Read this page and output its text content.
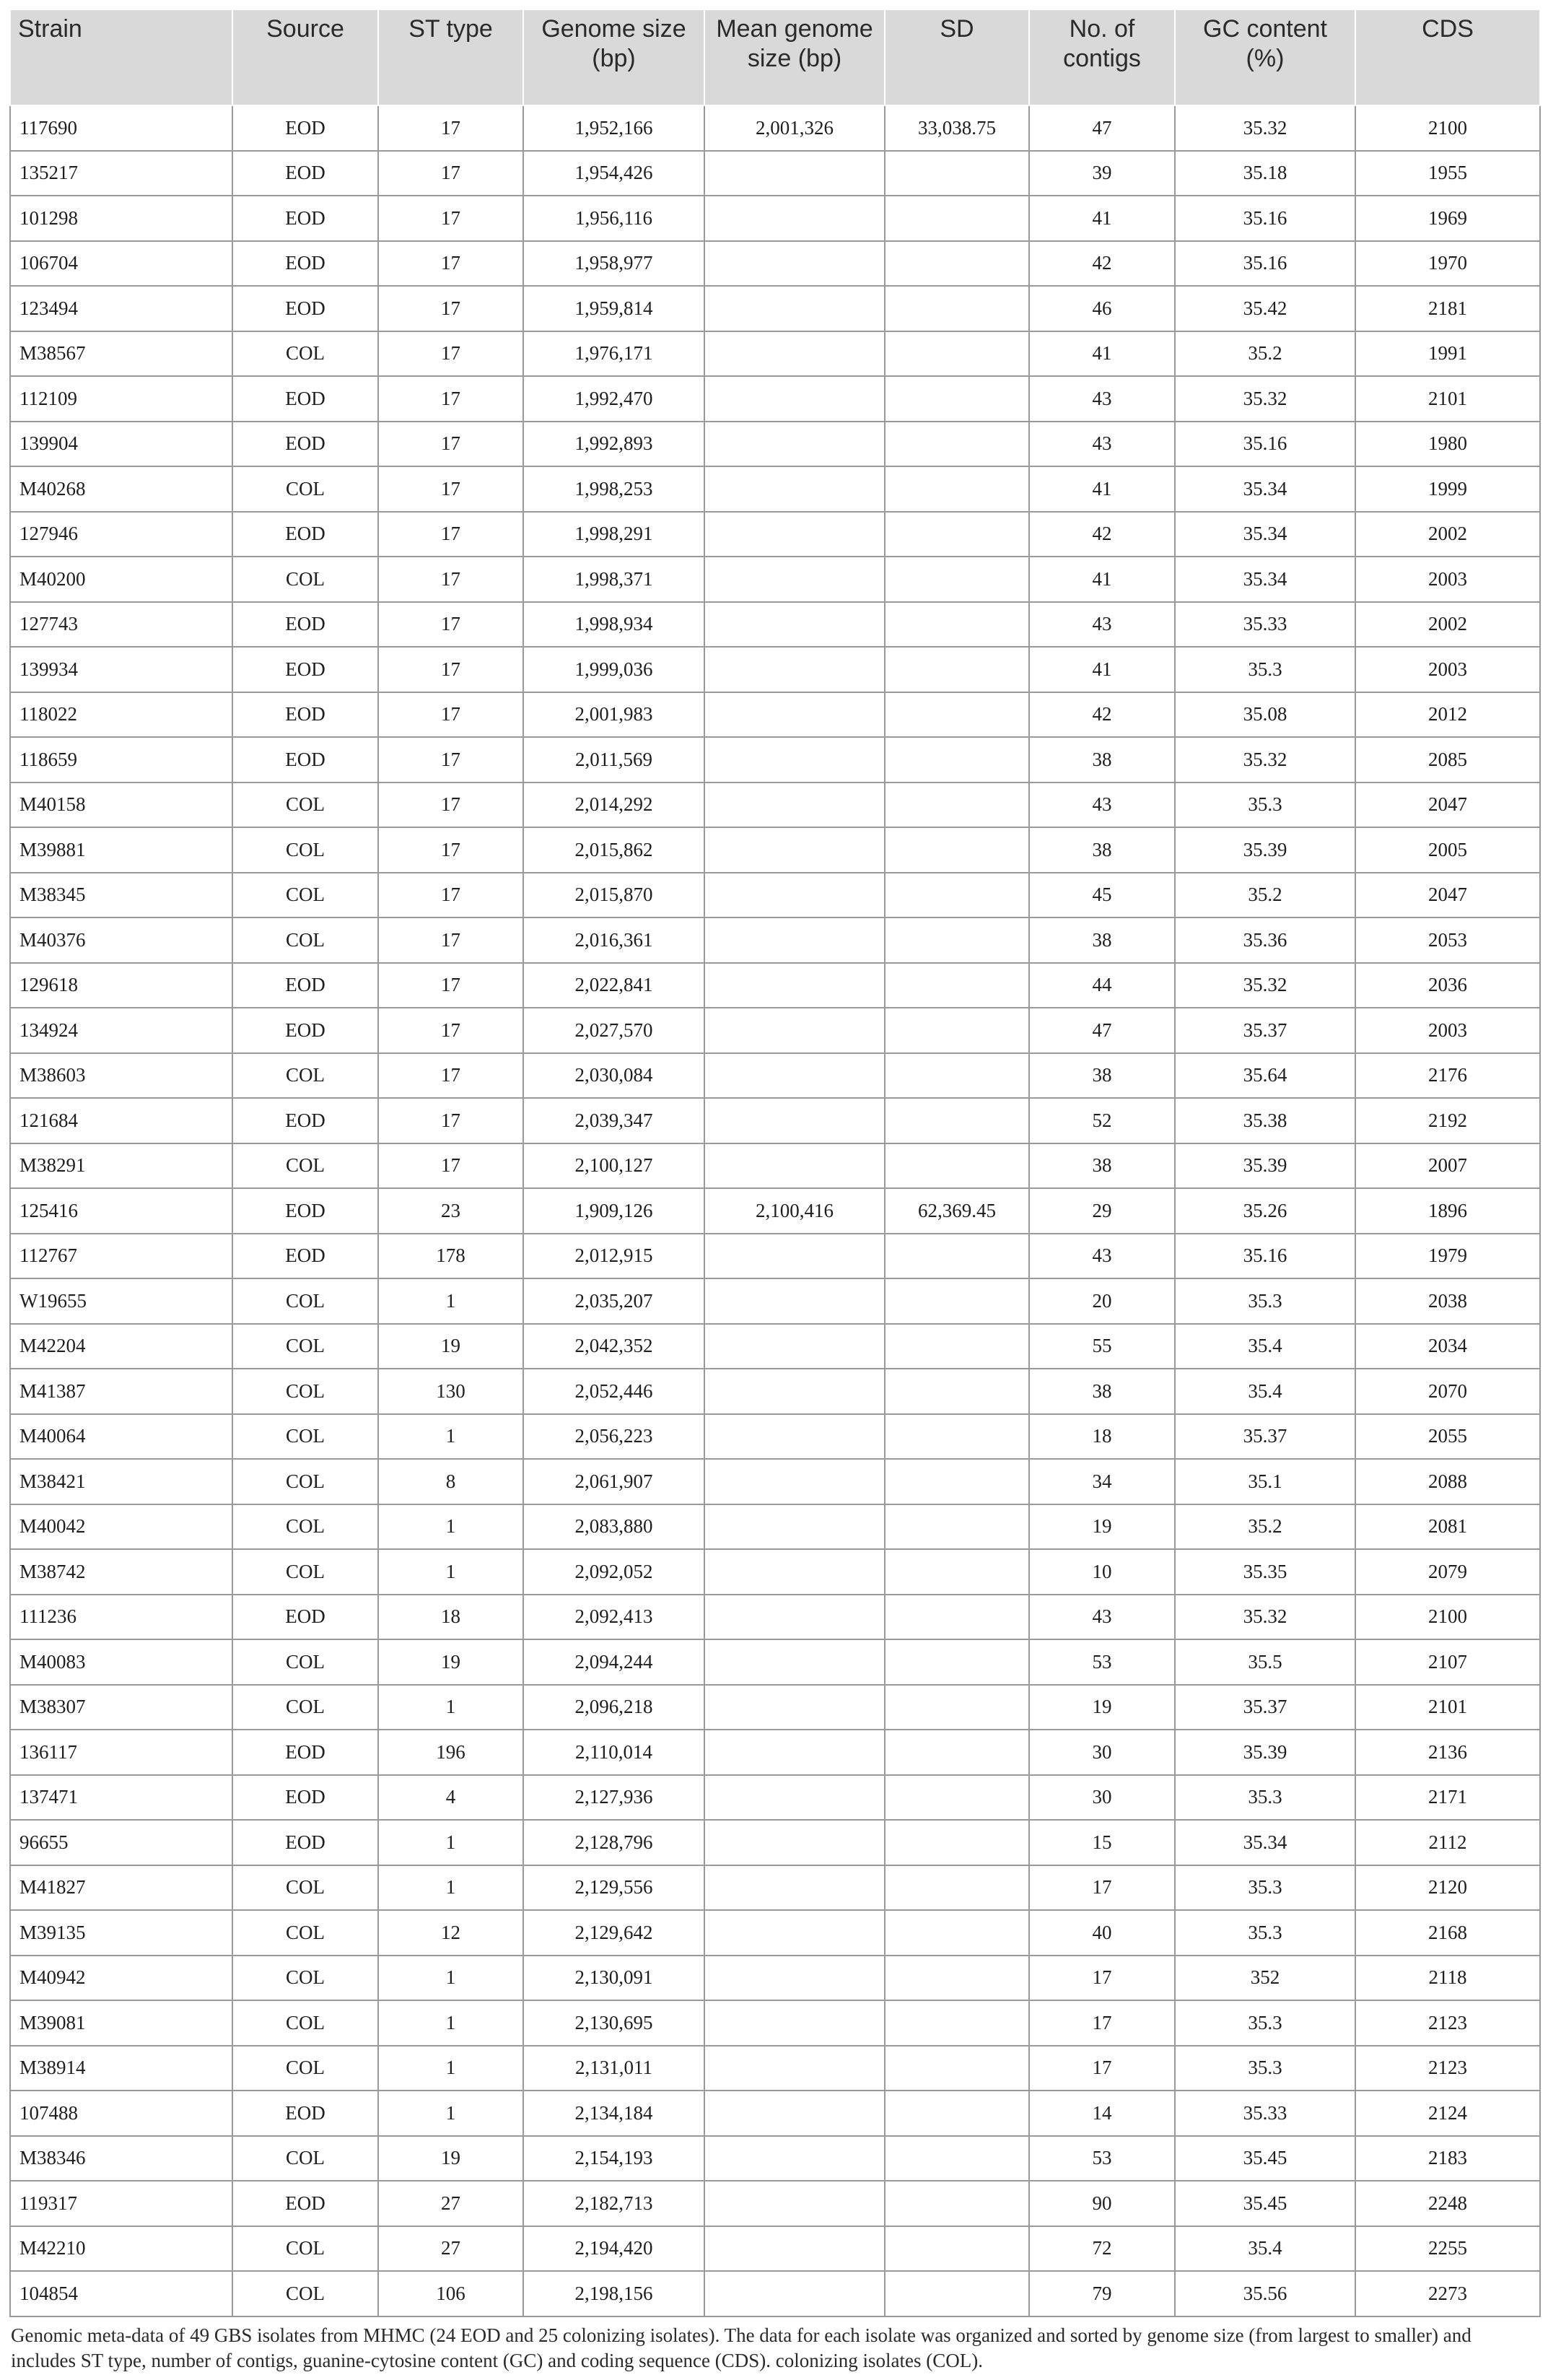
Strain	Source	ST type	Genome size (bp)	Mean genome size (bp)	SD	No. of contigs	GC content (%)	CDS
117690	EOD	17	1,952,166	2,001,326	33,038.75	47	35.32	2100
135217	EOD	17	1,954,426			39	35.18	1955
101298	EOD	17	1,956,116			41	35.16	1969
106704	EOD	17	1,958,977			42	35.16	1970
123494	EOD	17	1,959,814			46	35.42	2181
M38567	COL	17	1,976,171			41	35.2	1991
112109	EOD	17	1,992,470			43	35.32	2101
139904	EOD	17	1,992,893			43	35.16	1980
M40268	COL	17	1,998,253			41	35.34	1999
127946	EOD	17	1,998,291			42	35.34	2002
M40200	COL	17	1,998,371			41	35.34	2003
127743	EOD	17	1,998,934			43	35.33	2002
139934	EOD	17	1,999,036			41	35.3	2003
118022	EOD	17	2,001,983			42	35.08	2012
118659	EOD	17	2,011,569			38	35.32	2085
M40158	COL	17	2,014,292			43	35.3	2047
M39881	COL	17	2,015,862			38	35.39	2005
M38345	COL	17	2,015,870			45	35.2	2047
M40376	COL	17	2,016,361			38	35.36	2053
129618	EOD	17	2,022,841			44	35.32	2036
134924	EOD	17	2,027,570			47	35.37	2003
M38603	COL	17	2,030,084			38	35.64	2176
121684	EOD	17	2,039,347			52	35.38	2192
M38291	COL	17	2,100,127			38	35.39	2007
125416	EOD	23	1,909,126	2,100,416	62,369.45	29	35.26	1896
112767	EOD	178	2,012,915			43	35.16	1979
W19655	COL	1	2,035,207			20	35.3	2038
M42204	COL	19	2,042,352			55	35.4	2034
M41387	COL	130	2,052,446			38	35.4	2070
M40064	COL	1	2,056,223			18	35.37	2055
M38421	COL	8	2,061,907			34	35.1	2088
M40042	COL	1	2,083,880			19	35.2	2081
M38742	COL	1	2,092,052			10	35.35	2079
111236	EOD	18	2,092,413			43	35.32	2100
M40083	COL	19	2,094,244			53	35.5	2107
M38307	COL	1	2,096,218			19	35.37	2101
136117	EOD	196	2,110,014			30	35.39	2136
137471	EOD	4	2,127,936			30	35.3	2171
96655	EOD	1	2,128,796			15	35.34	2112
M41827	COL	1	2,129,556			17	35.3	2120
M39135	COL	12	2,129,642			40	35.3	2168
M40942	COL	1	2,130,091			17	352	2118
M39081	COL	1	2,130,695			17	35.3	2123
M38914	COL	1	2,131,011			17	35.3	2123
107488	EOD	1	2,134,184			14	35.33	2124
M38346	COL	19	2,154,193			53	35.45	2183
119317	EOD	27	2,182,713			90	35.45	2248
M42210	COL	27	2,194,420			72	35.4	2255
104854	COL	106	2,198,156			79	35.56	2273
Genomic meta-data of 49 GBS isolates from MHMC (24 EOD and 25 colonizing isolates). The data for each isolate was organized and sorted by genome size (from largest to smaller) and includes ST type, number of contigs, guanine-cytosine content (GC) and coding sequence (CDS). colonizing isolates (COL).
